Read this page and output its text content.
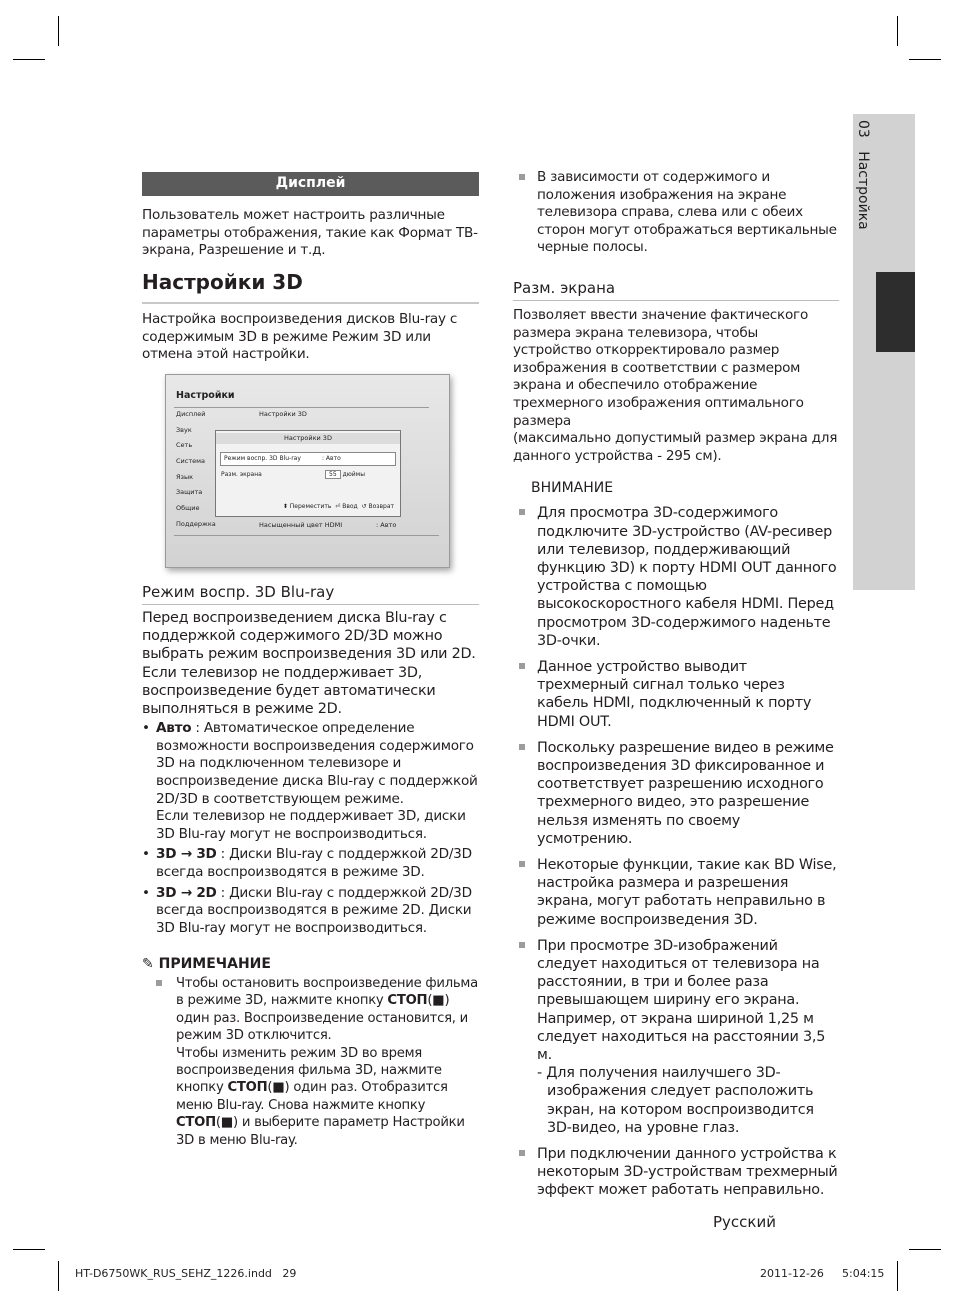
03   Настройка
Дисплей

Пользователь может настроить различные параметры отображения, такие как Формат ТВ-экрана, Разрешение и т.д.

Настройки 3D

Настройка воспроизведения дисков Blu-ray с содержимым 3D в режиме Режим 3D или отмена этой настройки.

Настройки
Дисплей	Настройки 3D
Звук
Сеть
Система
Язык
Защита
Общие
Поддержка
Настройки 3D
Режим воспр. 3D Blu-ray	: Авто
Разм. экрана	55 дюймы
⬍ Переместить ⏎ Ввод ↺ Возврат
Насыщенный цвет HDMI	: Авто
Режим воспр. 3D Blu-ray

Перед воспроизведением диска Blu-ray с поддержкой содержимого 2D/3D можно выбрать режим воспроизведения 3D или 2D. Если телевизор не поддерживает 3D, воспроизведение будет автоматически выполняться в режиме 2D.

• Авто : Автоматическое определение возможности воспроизведения содержимого 3D на подключенном телевизоре и воспроизведение диска Blu-ray с поддержкой 2D/3D в соответствующем режиме.
Если телевизор не поддерживает 3D, диски 3D Blu-ray могут не воспроизводиться.
• 3D → 3D : Диски Blu-ray с поддержкой 2D/3D всегда воспроизводятся в режиме 3D.
• 3D → 2D : Диски Blu-ray с поддержкой 2D/3D всегда воспроизводятся в режиме 2D. Диски 3D Blu-ray могут не воспроизводиться.
✎ ПРИМЕЧАНИЕ
Чтобы остановить воспроизведение фильма в режиме 3D, нажмите кнопку СТОП(■) один раз. Воспроизведение остановится, и режим 3D отключится.
Чтобы изменить режим 3D во время воспроизведения фильма 3D, нажмите кнопку СТОП(■) один раз. Отобразится меню Blu-ray. Снова нажмите кнопку СТОП(■) и выберите параметр Настройки 3D в меню Blu-ray.
В зависимости от содержимого и положения изображения на экране телевизора справа, слева или с обеих сторон могут отображаться вертикальные черные полосы.
Разм. экрана

Позволяет ввести значение фактического размера экрана телевизора, чтобы устройство откорректировало размер изображения в соответствии с размером экрана и обеспечило отображение трехмерного изображения оптимального размера

(максимально допустимый размер экрана для данного устройства - 295 см).

ВНИМАНИЕ
Для просмотра 3D-содержимого подключите 3D-устройство (AV-ресивер или телевизор, поддерживающий функцию 3D) к порту HDMI OUT данного устройства с помощью высокоскоростного кабеля HDMI. Перед просмотром 3D-содержимого наденьте 3D-очки.
Данное устройство выводит трехмерный сигнал только через кабель HDMI, подключенный к порту HDMI OUT.
Поскольку разрешение видео в режиме воспроизведения 3D фиксированное и соответствует разрешению исходного трехмерного видео, это разрешение нельзя изменять по своему усмотрению.
Некоторые функции, такие как BD Wise, настройка размера и разрешения экрана, могут работать неправильно в режиме воспроизведения 3D.
При просмотре 3D-изображений следует находиться от телевизора на расстоянии, в три и более раза превышающем ширину его экрана. Например, от экрана шириной 1,25 м следует находиться на расстоянии 3,5 м.
- Для получения наилучшего 3D-изображения следует расположить экран, на котором воспроизводится 3D-видео, на уровне глаз.
При подключении данного устройства к некоторым 3D-устройствам трехмерный эффект может работать неправильно.
Русский
HT-D6750WK_RUS_SEHZ_1226.indd   29	2011-12-26 5:04:15
